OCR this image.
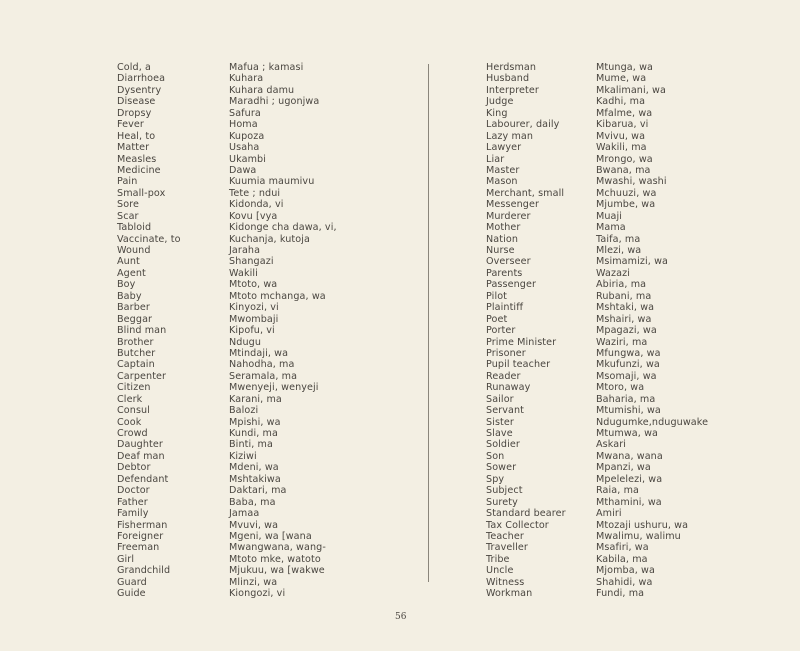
Cold, a
Diarrhoea
Dysentry
Disease
Dropsy
Fever
Heal, to
Matter
Measles
Medicine
Pain
Small-pox
Sore
Scar
Tabloid
Vaccinate, to
Wound
Aunt
Agent
Boy
Baby
Barber
Beggar
Blind man
Brother
Butcher
Captain
Carpenter
Citizen
Clerk
Consul
Cook
Crowd
Daughter
Deaf man
Debtor
Defendant
Doctor
Father
Family
Fisherman
Foreigner
Freeman
Girl
Grandchild
Guard
Guide
Mafua ; kamasi
Kuhara
Kuhara damu
Maradhi ; ugonjwa
Safura
Homa
Kupoza
Usaha
Ukambi
Dawa
Kuumia maumivu
Tete ; ndui
Kidonda, vi
Kovu [vya
Kidonge cha dawa, vi,
Kuchanja, kutoja
Jaraha
Shangazi
Wakili
Mtoto, wa
Mtoto mchanga, wa
Kinyozi, vi
Mwombaji
Kipofu, vi
Ndugu
Mtindaji, wa
Nahodha, ma
Seramala, ma
Mwenyeji, wenyeji
Karani, ma
Balozi
Mpishi, wa
Kundi, ma
Binti, ma
Kiziwi
Mdeni, wa
Mshtakiwa
Daktari, ma
Baba, ma
Jamaa
Mvuvi, wa
Mgeni, wa [wana
Mwangwana, wang-
Mtoto mke, watoto
Mjukuu, wa [wakwe
Mlinzi, wa
Kiongozi, vi
Herdsman
Husband
Interpreter
Judge
King
Labourer, daily
Lazy man
Lawyer
Liar
Master
Mason
Merchant, small
Messenger
Murderer
Mother
Nation
Nurse
Overseer
Parents
Passenger
Pilot
Plaintiff
Poet
Porter
Prime Minister
Prisoner
Pupil teacher
Reader
Runaway
Sailor
Servant
Sister
Slave
Soldier
Son
Sower
Spy
Subject
Surety
Standard bearer
Tax Collector
Teacher
Traveller
Tribe
Uncle
Witness
Workman
Mtunga, wa
Mume, wa
Mkalimani, wa
Kadhi, ma
Mfalme, wa
Kibarua, vi
Mvivu, wa
Wakili, ma
Mrongo, wa
Bwana, ma
Mwashi, washi
Mchuuzi, wa
Mjumbe, wa
Muaji
Mama
Taifa, ma
Mlezi, wa
Msimamizi, wa
Wazazi
Abiria, ma
Rubani, ma
Mshtaki, wa
Mshairi, wa
Mpagazi, wa
Waziri, ma
Mfungwa, wa
Mkufunzi, wa
Msomaji, wa
Mtoro, wa
Baharia, ma
Mtumishi, wa
Ndugumke,nduguwake
Mtumwa, wa
Askari
Mwana, wana
Mpanzi, wa
Mpelelezi, wa
Raia, ma
Mthamini, wa
Amiri
Mtozaji ushuru, wa
Mwalimu, walimu
Msafiri, wa
Kabila, ma
Mjomba, wa
Shahidi, wa
Fundi, ma
56
